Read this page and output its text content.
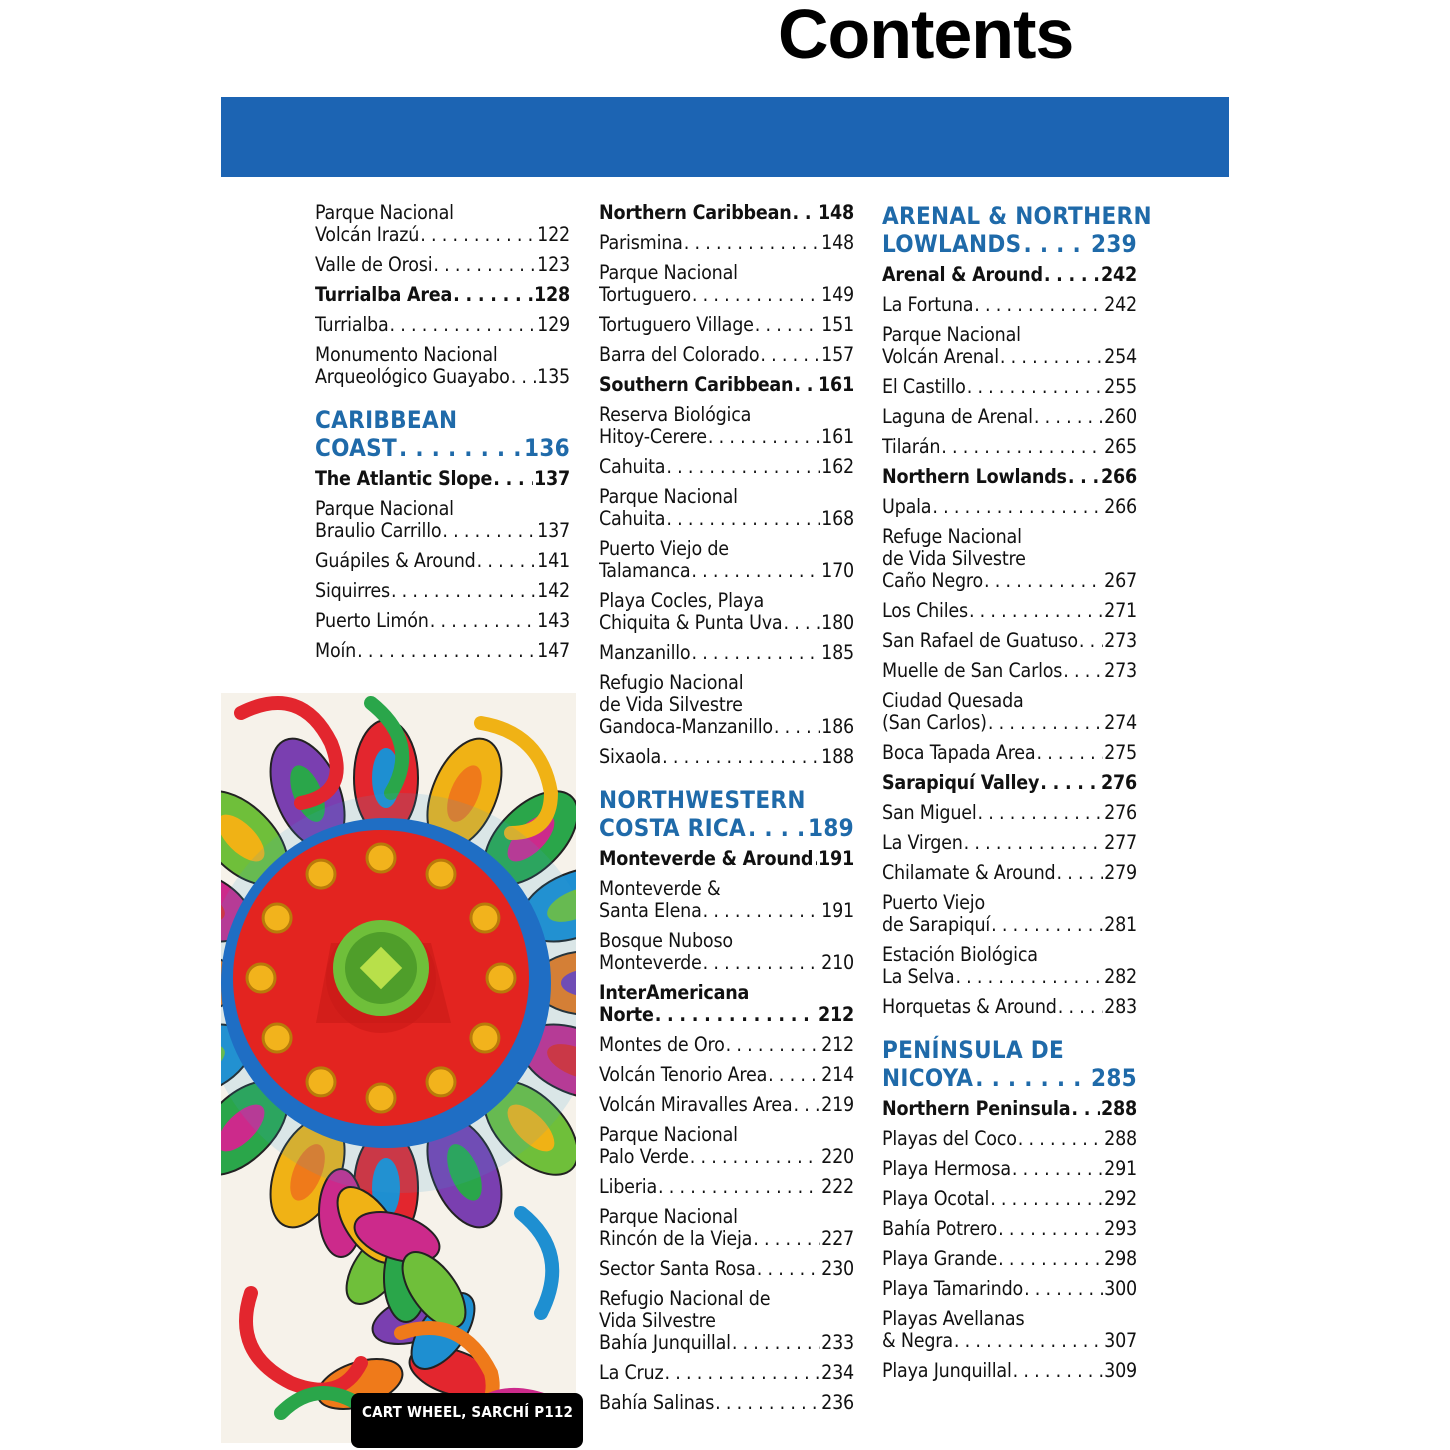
Contents
Parque Nacional
Volcán Irazú . . .	122
Valle de Orosi . . .	123
Turrialba Area . . .	128
Turrialba . . .	129
Monumento Nacional
Arqueológico Guayabo . . . 135
CARIBBEAN
COAST . . .	136
The Atlantic Slope . . . 137
Parque Nacional
Braulio Carrillo . . .	137
Guápiles & Around . . .	141
Siquirres . . .	142
Puerto Limón . . .	143
Moín . . .	147
Northern Caribbean . . . 148
Parismina . . .	148
Parque Nacional
Tortuguero . . .	149
Tortuguero Village . . .	151
Barra del Colorado . . .	157
Southern Caribbean . . . 161
Reserva Biológica
Hitoy-Cerere . . .	161
Cahuita . . .	162
Parque Nacional
Cahuita . . .	168
Puerto Viejo de
Talamanca . . .	170
Playa Cocles, Playa
Chiquita & Punta Uva . . . 180
Manzanillo . . .	185
Refugio Nacional
de Vida Silvestre
Gandoca-Manzanillo . . . 186
Sixaola . . .	188
NORTHWESTERN
COSTA RICA . . .	189
Monteverde & Around . . . 191
Monteverde &
Santa Elena . . .	191
Bosque Nuboso
Monteverde . . .	210
InterAmericana
Norte . . .	212
Montes de Oro . . .	212
Volcán Tenorio Area . . .	214
Volcán Miravalles Area . . . 219
Parque Nacional
Palo Verde . . .	220
Liberia . . .	222
Parque Nacional
Rincón de la Vieja . . .	227
Sector Santa Rosa . . .	230
Refugio Nacional de
Vida Silvestre
Bahía Junquillal . . .	233
La Cruz . . .	234
Bahía Salinas . . .	236
ARENAL & NORTHERN
LOWLANDS . . .	239
Arenal & Around . . .	242
La Fortuna . . .	242
Parque Nacional
Volcán Arenal . . .	254
El Castillo . . .	255
Laguna de Arenal . . .	260
Tilarán . . .	265
Northern Lowlands . . . 266
Upala . . .	266
Refuge Nacional
de Vida Silvestre
Caño Negro . . .	267
Los Chiles . . .	271
San Rafael de Guatuso . . . 273
Muelle de San Carlos . . . 273
Ciudad Quesada
(San Carlos) . . .	274
Boca Tapada Area . . .	275
Sarapiquí Valley . . .	276
San Miguel . . .	276
La Virgen . . .	277
Chilamate & Around . . . 279
Puerto Viejo
de Sarapiquí . . .	281
Estación Biológica
La Selva . . .	282
Horquetas & Around . . . 283
PENÍNSULA DE
NICOYA . . .	285
Northern Peninsula . . . 288
Playas del Coco . . .	288
Playa Hermosa . . .	291
Playa Ocotal . . .	292
Bahía Potrero . . .	293
Playa Grande . . .	298
Playa Tamarindo . . .	300
Playas Avellanas
& Negra . . .	307
Playa Junquillal . . .	309
CART WHEEL, SARCHÍ P112
